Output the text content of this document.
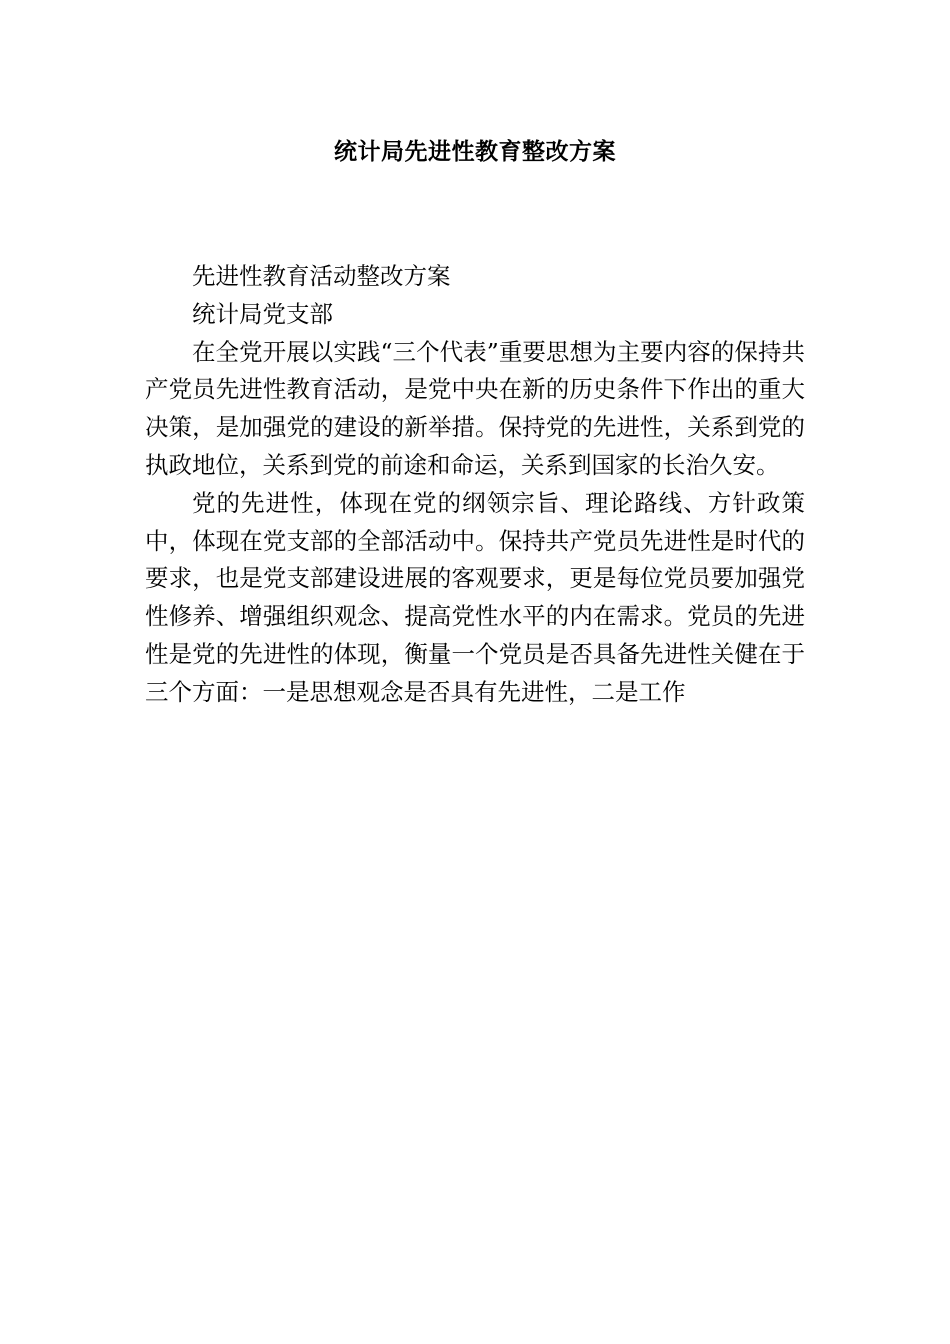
统计局先进性教育整改方案

先进性教育活动整改方案

统计局党支部

在全党开展以实践“三个代表”重要思想为主要内容的保持共产党员先进性教育活动，是党中央在新的历史条件下作出的重大决策，是加强党的建设的新举措。保持党的先进性，关系到党的执政地位，关系到党的前途和命运，关系到国家的长治久安。

党的先进性，体现在党的纲领宗旨、理论路线、方针政策中，体现在党支部的全部活动中。保持共产党员先进性是时代的要求，也是党支部建设进展的客观要求，更是每位党员要加强党性修养、增强组织观念、提高党性水平的内在需求。党员的先进性是党的先进性的体现，衡量一个党员是否具备先进性关健在于三个方面：一是思想观念是否具有先进性，二是工作
